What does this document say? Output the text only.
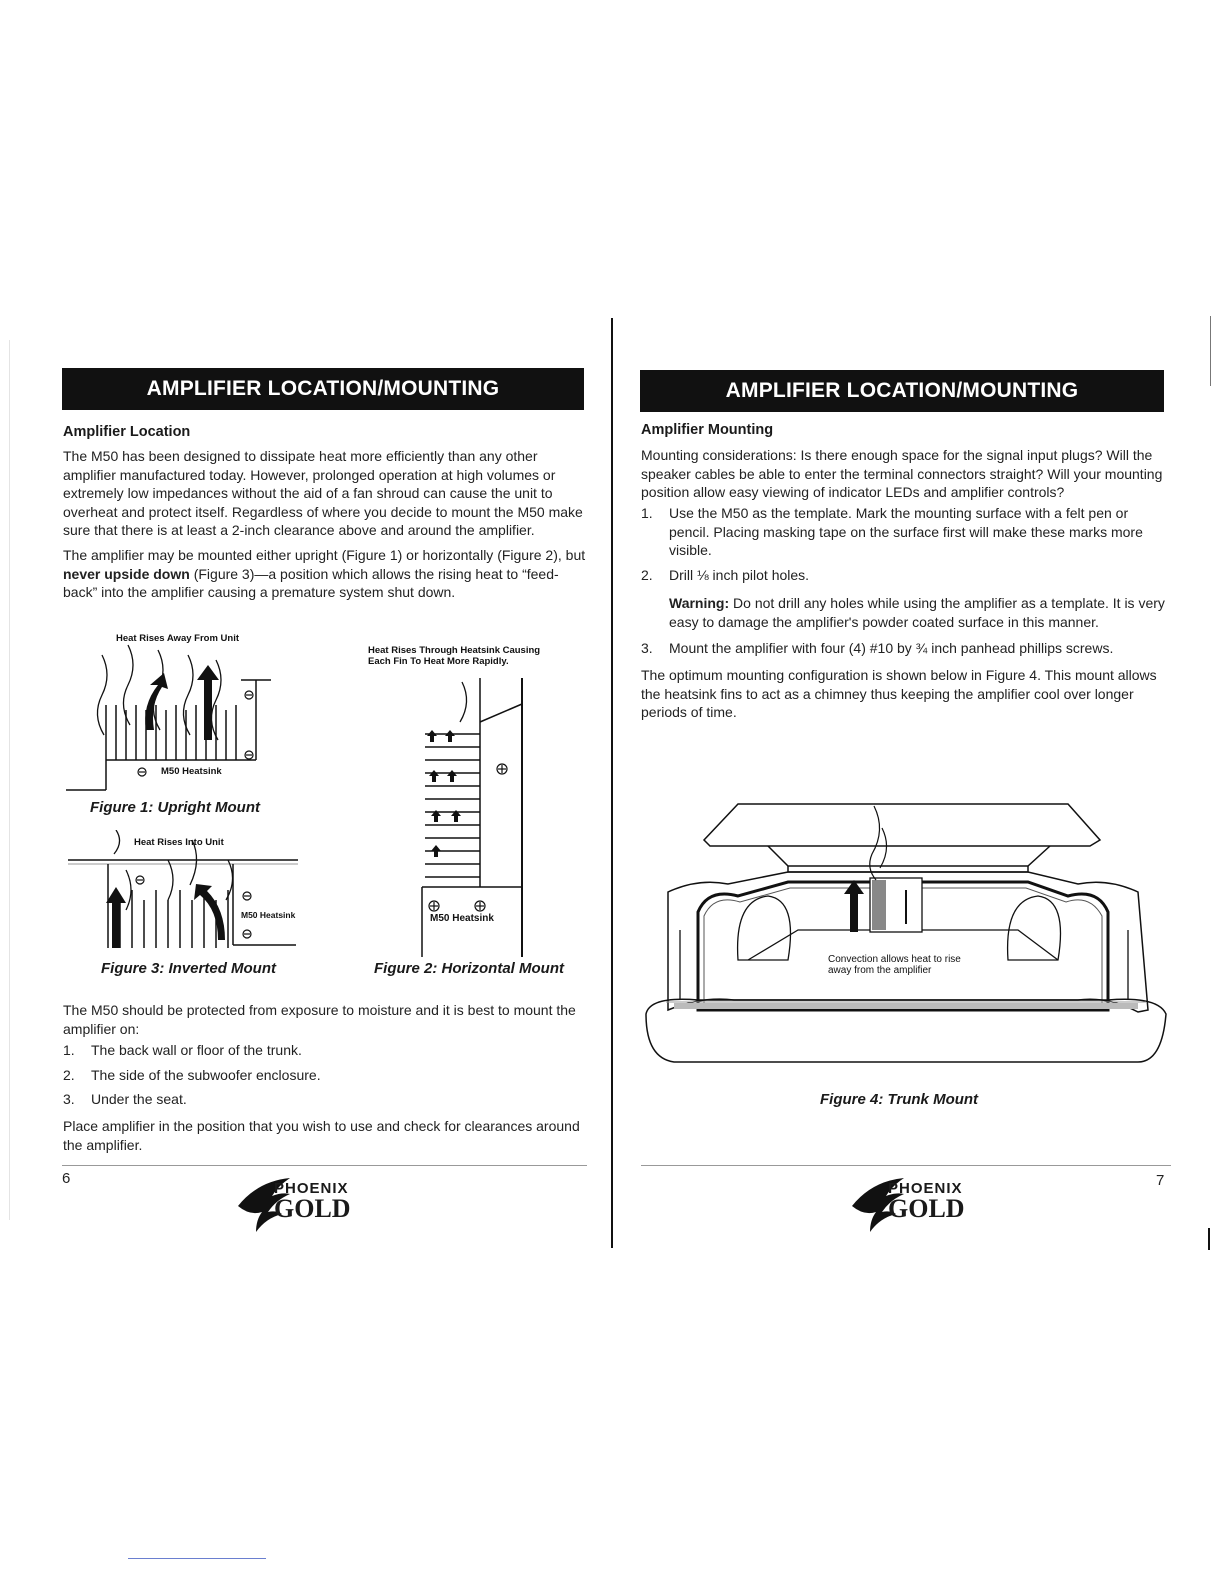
AMPLIFIER LOCATION/MOUNTING
Amplifier Location

The M50 has been designed to dissipate heat more efficiently than any other amplifier manufactured today. However, prolonged operation at high volumes or extremely low impedances without the aid of a fan shroud can cause the unit to overheat and protect itself. Regardless of where you decide to mount the M50 make sure that there is at least a 2-inch clearance above and around the amplifier.

The amplifier may be mounted either upright (Figure 1) or horizontally (Figure 2), but never upside down (Figure 3)—a position which allows the rising heat to “feed-back” into the amplifier causing a premature system shut down.

Heat Rises Away From Unit
M50 Heatsink
Figure 1: Upright Mount
Heat Rises Through Heatsink Causing
Each Fin To Heat More Rapidly.
M50 Heatsink
Figure 2: Horizontal Mount
Heat Rises Into Unit
M50 Heatsink
Figure 3: Inverted Mount

The M50 should be protected from exposure to moisture and it is best to mount the amplifier on:

1. The back wall or floor of the trunk.
2. The side of the subwoofer enclosure.
3. Under the seat.

Place amplifier in the position that you wish to use and check for clearances around the amplifier.

6
PHOENIX
GOLD
AMPLIFIER LOCATION/MOUNTING
Amplifier Mounting

Mounting considerations: Is there enough space for the signal input plugs? Will the speaker cables be able to enter the terminal connectors straight? Will your mounting position allow easy viewing of indicator LEDs and amplifier controls?

1. Use the M50 as the template. Mark the mounting surface with a felt pen or pencil. Placing masking tape on the surface first will make these marks more visible.
2. Drill ⅛ inch pilot holes.

Warning: Do not drill any holes while using the amplifier as a template. It is very easy to damage the amplifier's powder coated surface in this manner.

3. Mount the amplifier with four (4) #10 by ¾ inch panhead phillips screws.

The optimum mounting configuration is shown below in Figure 4. This mount allows the heatsink fins to act as a chimney thus keeping the amplifier cool over longer periods of time.

Convection allows heat to rise
away from the amplifier
Figure 4: Trunk Mount
7
PHOENIX
GOLD
